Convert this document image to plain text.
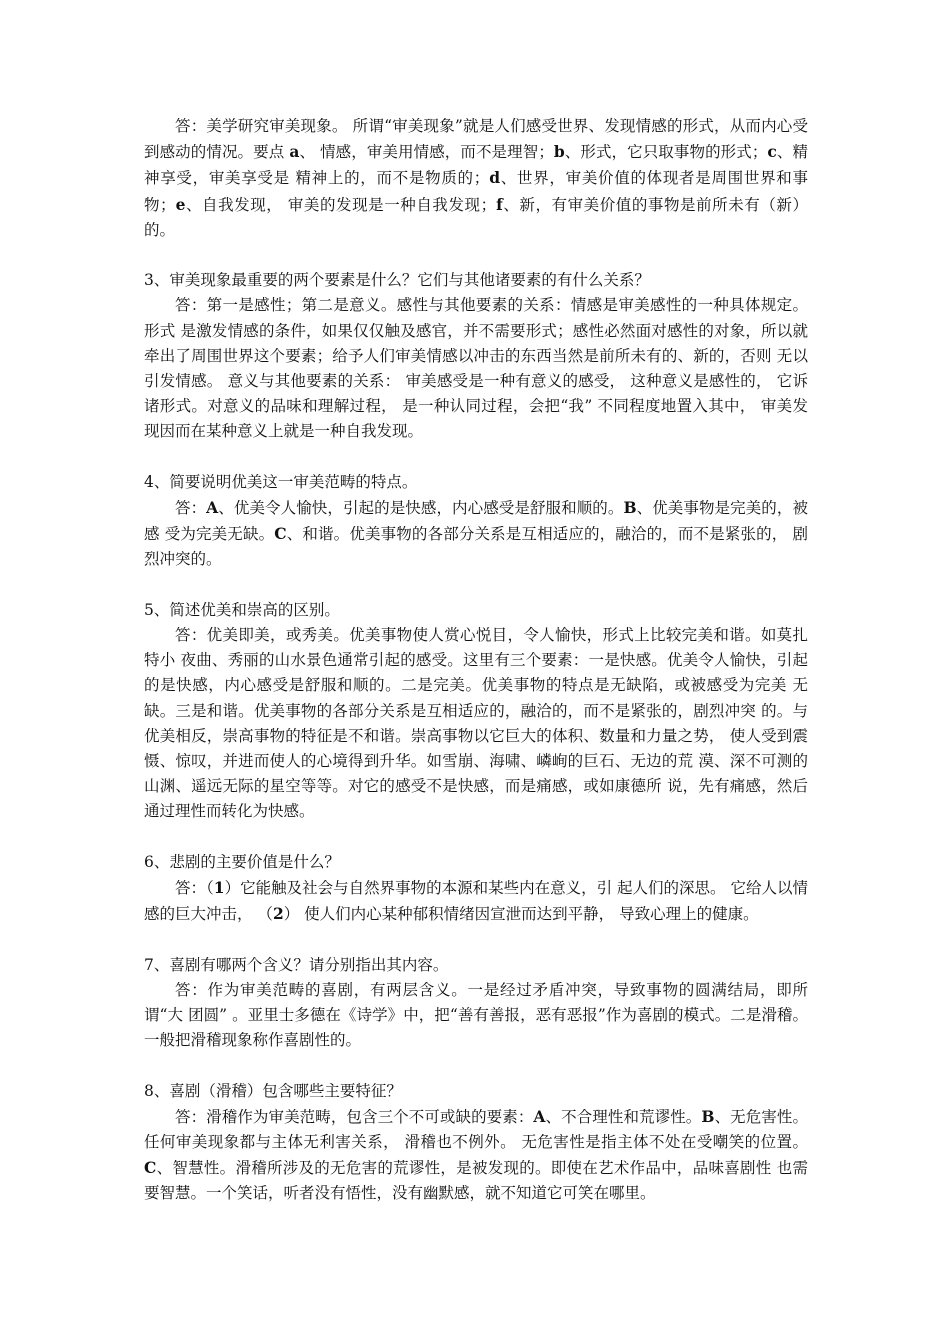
答：美学研究审美现象。 所谓“审美现象”就是人们感受世界、发现情感的形式，从而内心受到感动的情况。要点 a、 情感，审美用情感，而不是理智；b、形式，它只取事物的形式；c、精神享受，审美享受是 精神上的，而不是物质的；d、世界，审美价值的体现者是周围世界和事物；e、自我发现， 审美的发现是一种自我发现；f、新，有审美价值的事物是前所未有（新）的。

3、审美现象最重要的两个要素是什么？它们与其他诸要素的有什么关系？

答：第一是感性；第二是意义。感性与其他要素的关系：情感是审美感性的一种具体规定。形式 是激发情感的条件，如果仅仅触及感官，并不需要形式；感性必然面对感性的对象，所以就 牵出了周围世界这个要素；给予人们审美情感以冲击的东西当然是前所未有的、新的，否则 无以引发情感。 意义与其他要素的关系： 审美感受是一种有意义的感受， 这种意义是感性的， 它诉诸形式。对意义的品味和理解过程， 是一种认同过程，会把“我” 不同程度地置入其中， 审美发现因而在某种意义上就是一种自我发现。

4、简要说明优美这一审美范畴的特点。

答：A、优美令人愉快，引起的是快感，内心感受是舒服和顺的。B、优美事物是完美的，被感 受为完美无缺。C、和谐。优美事物的各部分关系是互相适应的，融洽的，而不是紧张的， 剧烈冲突的。

5、简述优美和崇高的区别。

答：优美即美，或秀美。优美事物使人赏心悦目，令人愉快，形式上比较完美和谐。如莫扎特小 夜曲、秀丽的山水景色通常引起的感受。这里有三个要素：一是快感。优美令人愉快，引起 的是快感，内心感受是舒服和顺的。二是完美。优美事物的特点是无缺陷，或被感受为完美 无缺。三是和谐。优美事物的各部分关系是互相适应的，融洽的，而不是紧张的，剧烈冲突 的。与优美相反，崇高事物的特征是不和谐。崇高事物以它巨大的体积、数量和力量之势， 使人受到震慑、惊叹，并进而使人的心境得到升华。如雪崩、海啸、嶙峋的巨石、无边的荒 漠、深不可测的山渊、遥远无际的星空等等。对它的感受不是快感，而是痛感，或如康德所 说，先有痛感，然后通过理性而转化为快感。

6、悲剧的主要价值是什么？

答：（1）它能触及社会与自然界事物的本源和某些内在意义，引 起人们的深思。 它给人以情感的巨大冲击， （2） 使人们内心某种郁积情绪因宣泄而达到平静， 导致心理上的健康。

7、喜剧有哪两个含义？请分别指出其内容。

答：作为审美范畴的喜剧，有两层含义。一是经过矛盾冲突，导致事物的圆满结局，即所谓“大 团圆” 。亚里士多德在《诗学》中，把“善有善报，恶有恶报”作为喜剧的模式。二是滑稽。 一般把滑稽现象称作喜剧性的。

8、喜剧（滑稽）包含哪些主要特征？

答：滑稽作为审美范畴，包含三个不可或缺的要素：A、不合理性和荒谬性。B、无危害性。 任何审美现象都与主体无利害关系， 滑稽也不例外。 无危害性是指主体不处在受嘲笑的位置。 C、智慧性。滑稽所涉及的无危害的荒谬性，是被发现的。即使在艺术作品中，品味喜剧性 也需要智慧。一个笑话，听者没有悟性，没有幽默感，就不知道它可笑在哪里。
